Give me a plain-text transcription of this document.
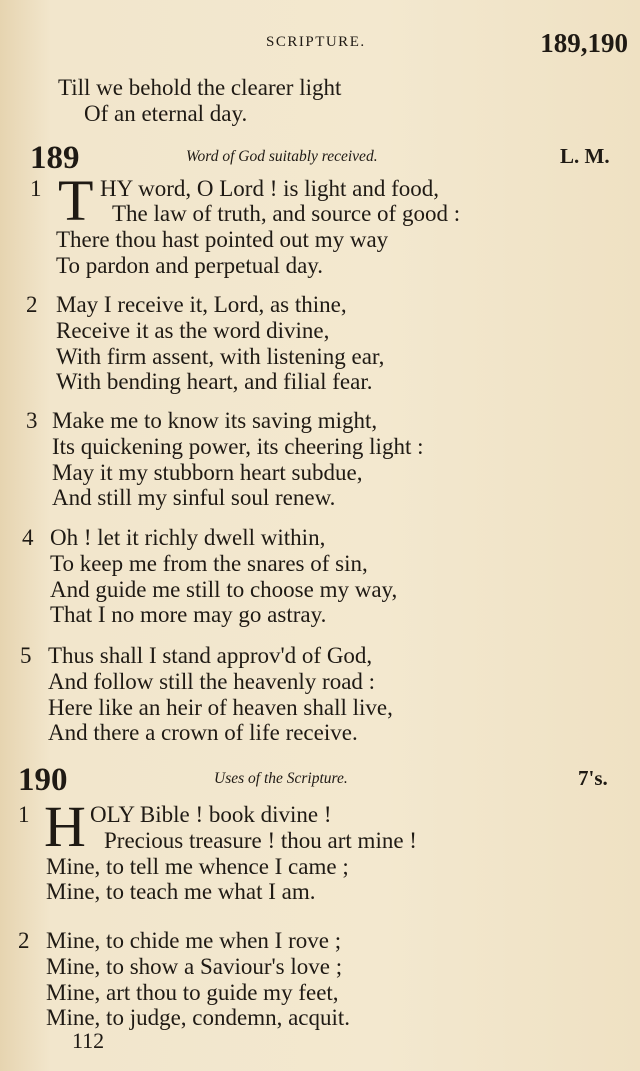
SCRIPTURE.	189,190
Till we behold the clearer light
Of an eternal day.
189	Word of God suitably received.	L. M.
1 T HY word, O Lord ! is light and food,
The law of truth, and source of good :
There thou hast pointed out my way
To pardon and perpetual day.
2 May I receive it, Lord, as thine,
Receive it as the word divine,
With firm assent, with listening ear,
With bending heart, and filial fear.
3 Make me to know its saving might,
Its quickening power, its cheering light :
May it my stubborn heart subdue,
And still my sinful soul renew.
4 Oh ! let it richly dwell within,
To keep me from the snares of sin,
And guide me still to choose my way,
That I no more may go astray.
5 Thus shall I stand approv'd of God,
And follow still the heavenly road :
Here like an heir of heaven shall live,
And there a crown of life receive.
190	Uses of the Scripture.	7's.
1 H OLY Bible ! book divine !
Precious treasure ! thou art mine !
Mine, to tell me whence I came ;
Mine, to teach me what I am.
2 Mine, to chide me when I rove ;
Mine, to show a Saviour's love ;
Mine, art thou to guide my feet,
Mine, to judge, condemn, acquit.
112
